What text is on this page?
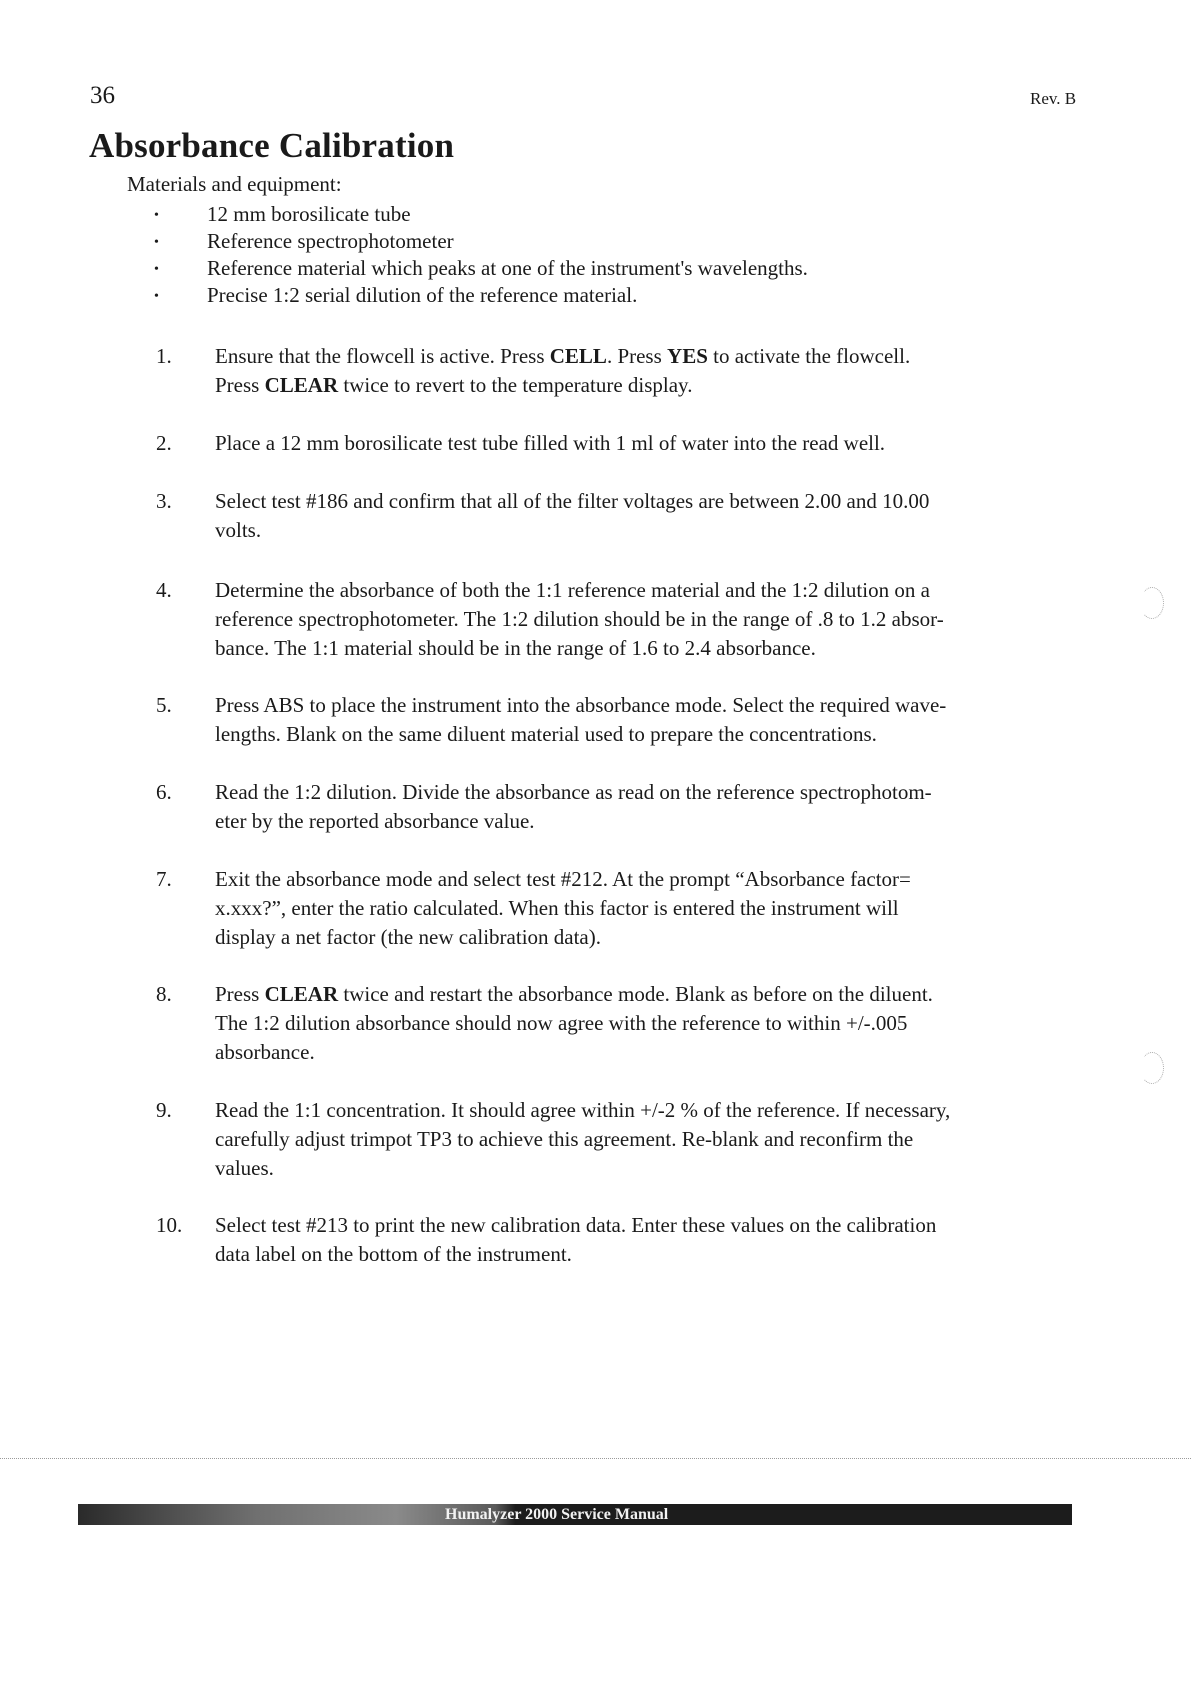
36	Rev. B
Absorbance Calibration
Materials and equipment:
• 12 mm borosilicate tube
• Reference spectrophotometer
• Reference material which peaks at one of the instrument's wavelengths.
• Precise 1:2 serial dilution of the reference material.
1. Ensure that the flowcell is active. Press CELL. Press YES to activate the flowcell.
Press CLEAR twice to revert to the temperature display.
2. Place a 12 mm borosilicate test tube filled with 1 ml of water into the read well.
3. Select test #186 and confirm that all of the filter voltages are between 2.00 and 10.00
volts.
4. Determine the absorbance of both the 1:1 reference material and the 1:2 dilution on a
reference spectrophotometer. The 1:2 dilution should be in the range of .8 to 1.2 absor-
bance. The 1:1 material should be in the range of 1.6 to 2.4 absorbance.
5. Press ABS to place the instrument into the absorbance mode. Select the required wave-
lengths. Blank on the same diluent material used to prepare the concentrations.
6. Read the 1:2 dilution. Divide the absorbance as read on the reference spectrophotom-
eter by the reported absorbance value.
7. Exit the absorbance mode and select test #212. At the prompt “Absorbance factor=
x.xxx?”, enter the ratio calculated. When this factor is entered the instrument will
display a net factor (the new calibration data).
8. Press CLEAR twice and restart the absorbance mode. Blank as before on the diluent.
The 1:2 dilution absorbance should now agree with the reference to within +/-.005
absorbance.
9. Read the 1:1 concentration. It should agree within +/-2 % of the reference. If necessary,
carefully adjust trimpot TP3 to achieve this agreement. Re-blank and reconfirm the
values.
10. Select test #213 to print the new calibration data. Enter these values on the calibration
data label on the bottom of the instrument.
Humalyzer 2000 Service Manual
